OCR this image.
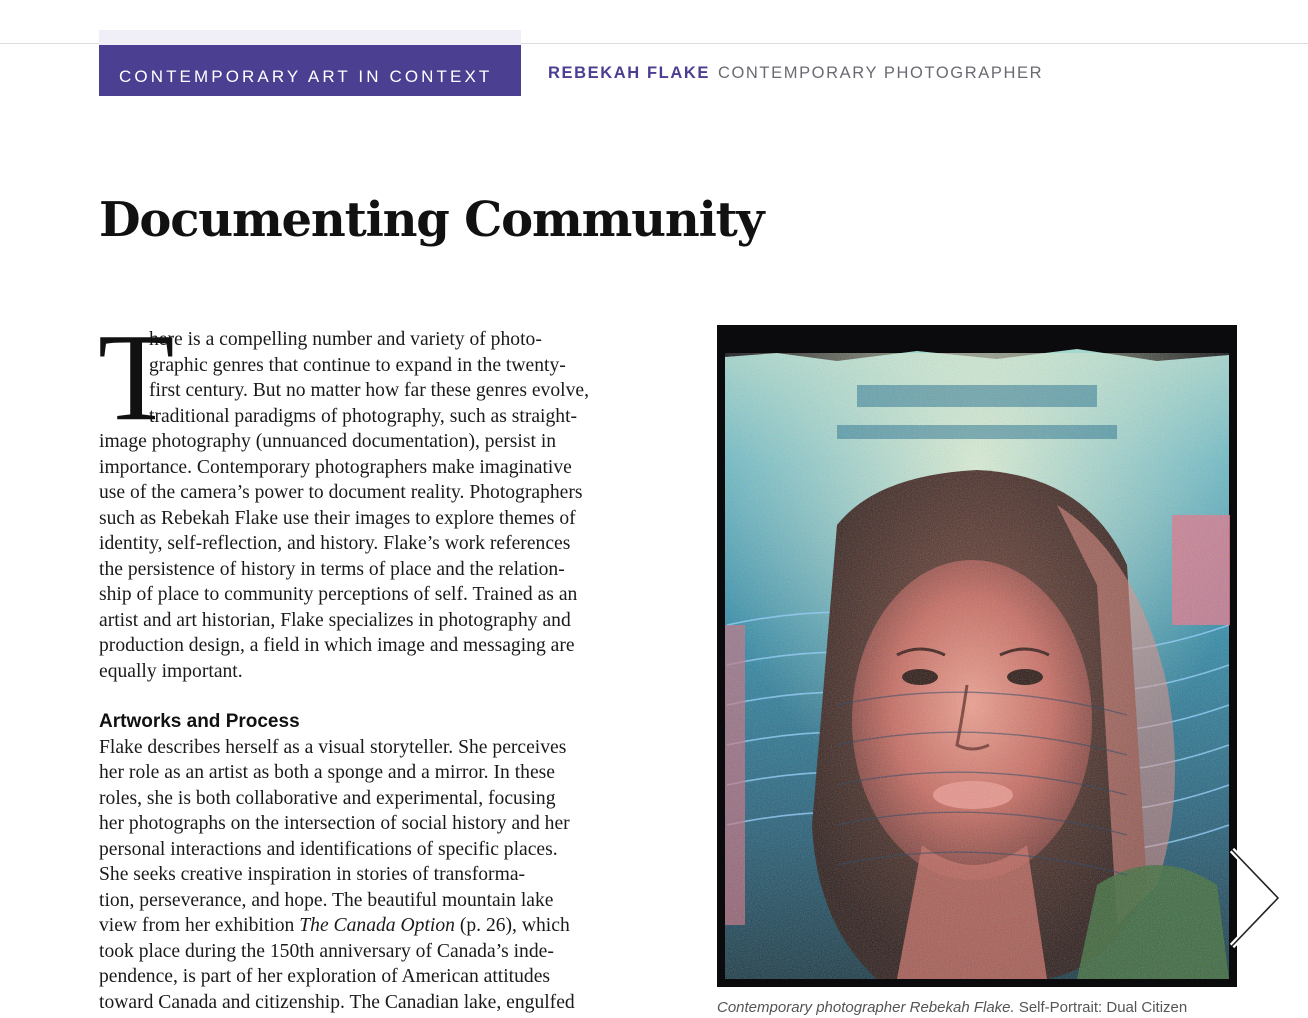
CONTEMPORARY ART IN CONTEXT	REBEKAH FLAKE CONTEMPORARY PHOTOGRAPHER
Documenting Community
T
here is a compelling number and variety of photo-
graphic genres that continue to expand in the twenty-
first century. But no matter how far these genres evolve,
traditional paradigms of photography, such as straight-
image photography (unnuanced documentation), persist in
importance. Contemporary photographers make imaginative
use of the camera’s power to document reality. Photographers
such as Rebekah Flake use their images to explore themes of
identity, self-reflection, and history. Flake’s work references
the persistence of history in terms of place and the relation-
ship of place to community perceptions of self. Trained as an
artist and art historian, Flake specializes in photography and
production design, a field in which image and messaging are
equally important.
Artworks and Process
Flake describes herself as a visual storyteller. She perceives
her role as an artist as both a sponge and a mirror. In these
roles, she is both collaborative and experimental, focusing
her photographs on the intersection of social history and her
personal interactions and identifications of specific places.
She seeks creative inspiration in stories of transforma-
tion, perseverance, and hope. The beautiful mountain lake
view from her exhibition The Canada Option (p. 26), which
took place during the 150th anniversary of Canada’s inde-
pendence, is part of her exploration of American attitudes
toward Canada and citizenship. The Canadian lake, engulfed	Contemporary photographer Rebekah Flake. Self-Portrait: Dual Citizen
